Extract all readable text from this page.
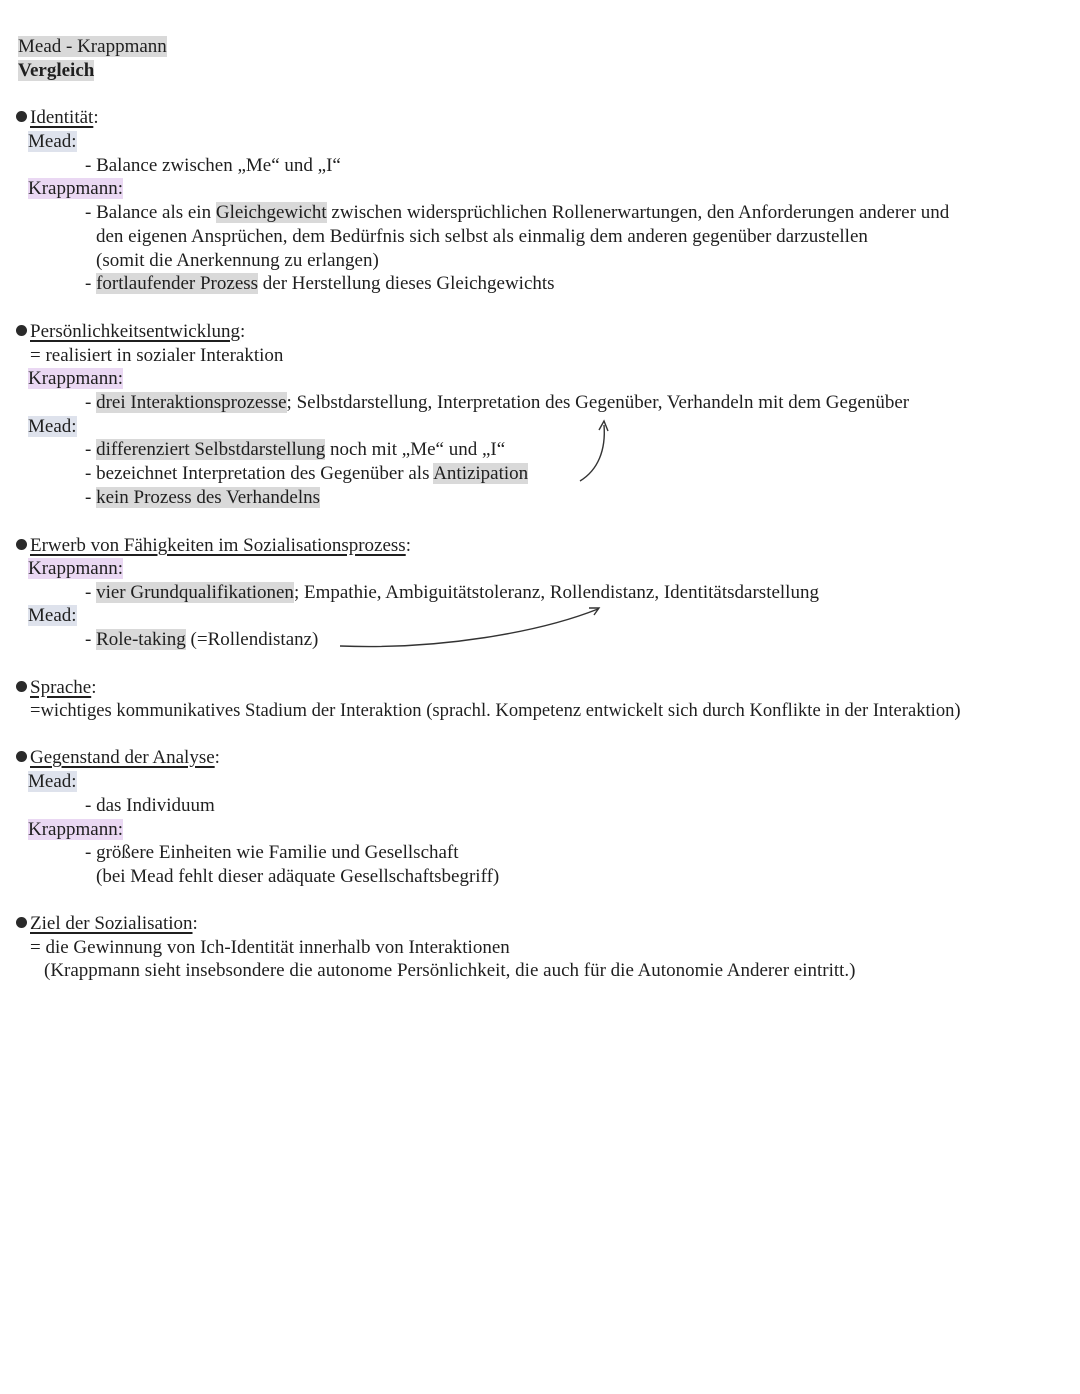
Mead - Krappmann
Vergleich
Identität:
Mead:
- Balance zwischen „Me“ und „I“
Krappmann:
- Balance als ein Gleichgewicht zwischen widersprüchlichen Rollenerwartungen, den Anforderungen anderer und
den eigenen Ansprüchen, dem Bedürfnis sich selbst als einmalig dem anderen gegenüber darzustellen
(somit die Anerkennung zu erlangen)
- fortlaufender Prozess der Herstellung dieses Gleichgewichts
Persönlichkeitsentwicklung:
= realisiert in sozialer Interaktion
Krappmann:
- drei Interaktionsprozesse; Selbstdarstellung, Interpretation des Gegenüber, Verhandeln mit dem Gegenüber
Mead:
- differenziert Selbstdarstellung noch mit „Me“ und „I“
- bezeichnet Interpretation des Gegenüber als Antizipation
- kein Prozess des Verhandelns
Erwerb von Fähigkeiten im Sozialisationsprozess:
Krappmann:
- vier Grundqualifikationen; Empathie, Ambiguitätstoleranz, Rollendistanz, Identitätsdarstellung
Mead:
- Role-taking (=Rollendistanz)
Sprache:
=wichtiges kommunikatives Stadium der Interaktion (sprachl. Kompetenz entwickelt sich durch Konflikte in der Interaktion)
Gegenstand der Analyse:
Mead:
- das Individuum
Krappmann:
- größere Einheiten wie Familie und Gesellschaft
(bei Mead fehlt dieser adäquate Gesellschaftsbegriff)
Ziel der Sozialisation:
= die Gewinnung von Ich-Identität innerhalb von Interaktionen
(Krappmann sieht insebsondere die autonome Persönlichkeit, die auch für die Autonomie Anderer eintritt.)
